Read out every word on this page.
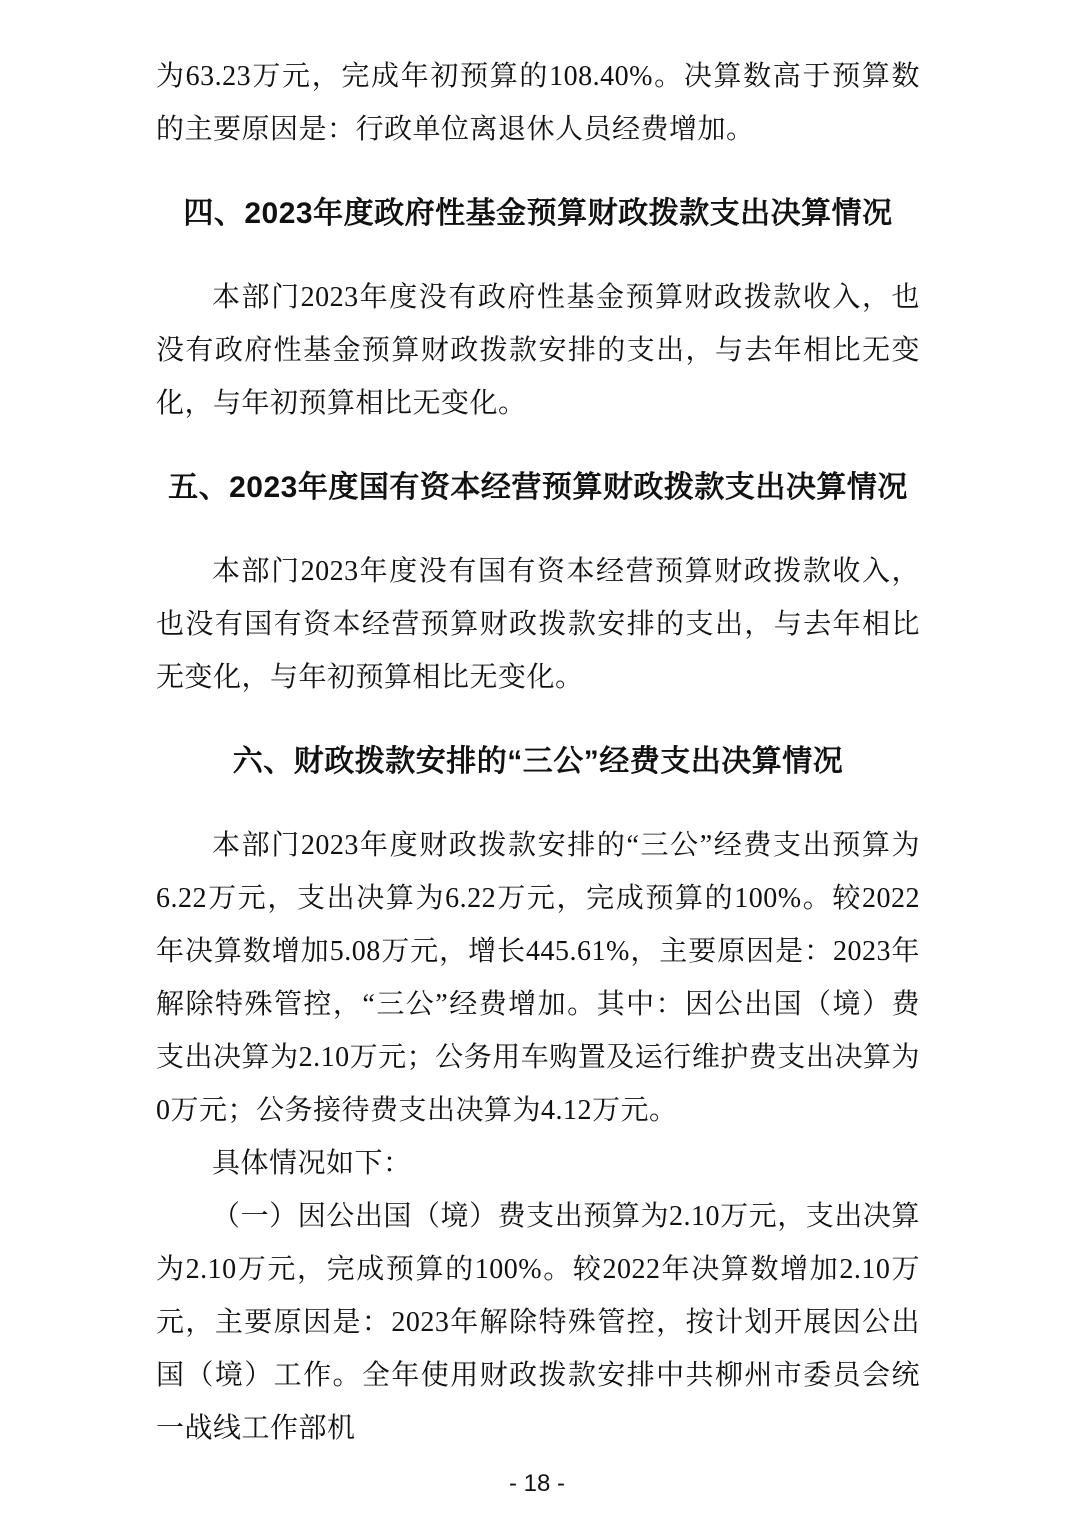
为63.23万元，完成年初预算的108.40%。决算数高于预算数的主要原因是：行政单位离退休人员经费增加。

四、2023年度政府性基金预算财政拨款支出决算情况

本部门2023年度没有政府性基金预算财政拨款收入，也没有政府性基金预算财政拨款安排的支出，与去年相比无变化，与年初预算相比无变化。

五、2023年度国有资本经营预算财政拨款支出决算情况

本部门2023年度没有国有资本经营预算财政拨款收入，也没有国有资本经营预算财政拨款安排的支出，与去年相比无变化，与年初预算相比无变化。

六、财政拨款安排的“三公”经费支出决算情况

本部门2023年度财政拨款安排的“三公”经费支出预算为6.22万元，支出决算为6.22万元，完成预算的100%。较2022年决算数增加5.08万元，增长445.61%，主要原因是：2023年解除特殊管控，“三公”经费增加。其中：因公出国（境）费支出决算为2.10万元；公务用车购置及运行维护费支出决算为0万元；公务接待费支出决算为4.12万元。

具体情况如下：

（一）因公出国（境）费支出预算为2.10万元，支出决算为2.10万元，完成预算的100%。较2022年决算数增加2.10万元，主要原因是：2023年解除特殊管控，按计划开展因公出国（境）工作。全年使用财政拨款安排中共柳州市委员会统一战线工作部机

- 18 -
